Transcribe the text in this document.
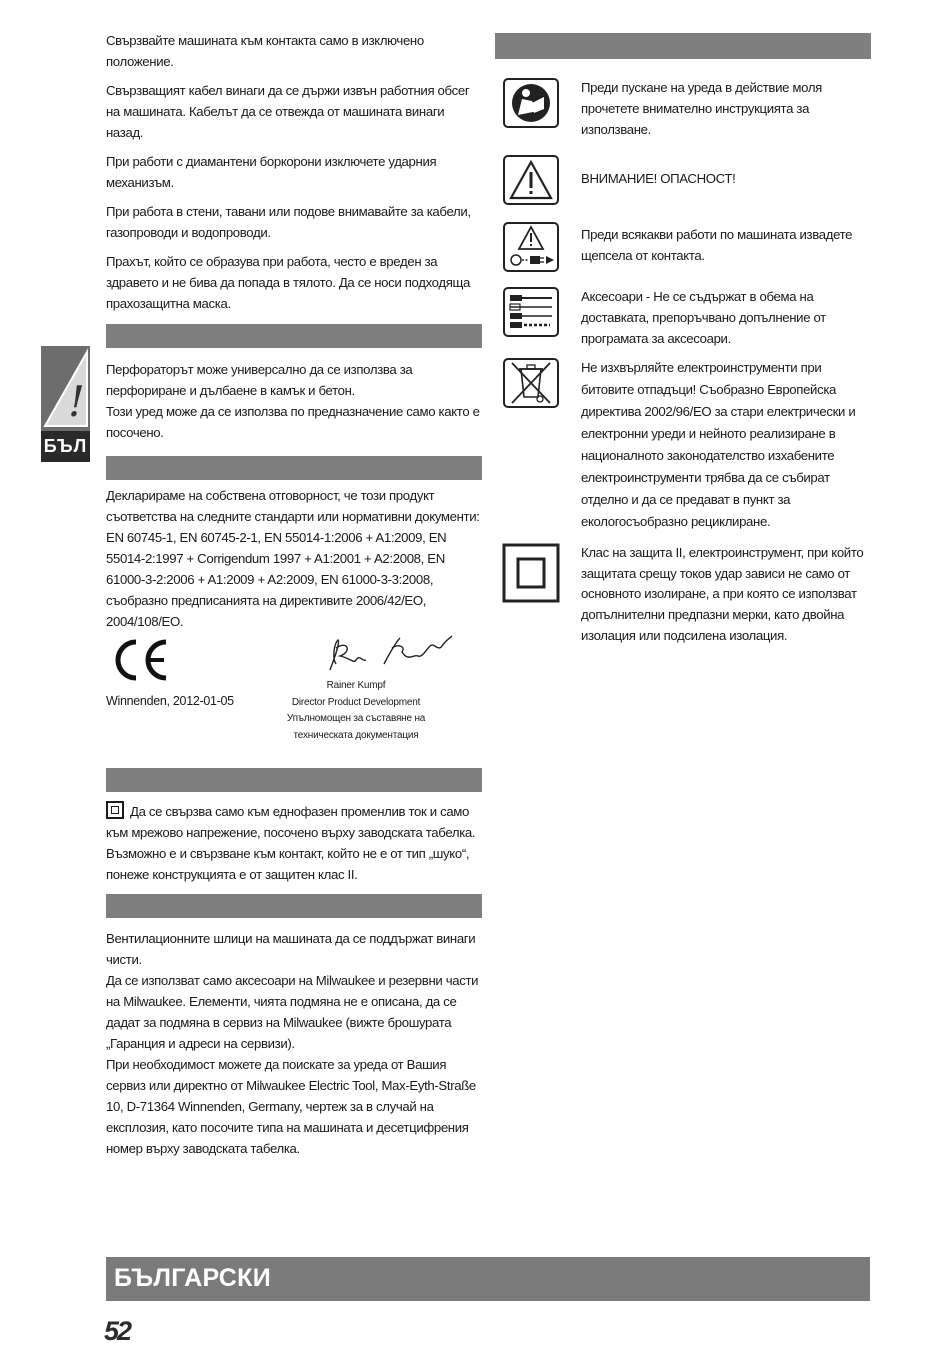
!
БЪЛ

Свързвайте машината към контакта само в изключено положение.

Свързващият кабел винаги да се държи извън работния обсег на машината. Кабелът да се отвежда от машината винаги назад.

При работи с диамантени боркорони изключете ударния механизъм.

При работа в стени, тавани или подове внимавайте за кабели, газопроводи и водопроводи.

Прахът, който се образува при работа, често е вреден за здравето и не бива да попада в тялото. Да се носи подходяща прахозащитна маска.

Перфораторът може универсално да се използва за перфориране и дълбаене в камък и бетон.

Този уред може да се използва по предназначение само както е посочено.

Декларираме на собствена отговорност, че този продукт съответства на следните стандарти или нормативни документи: EN 60745-1, EN 60745-2-1, EN 55014-1:2006 + A1:2009, EN 55014-2:1997 + Corrigendum 1997 + A1:2001 + A2:2008, EN 61000-3-2:2006 + A1:2009 + A2:2009, EN 61000-3-3:2008, съобразно предписанията на директивите 2006/42/EO, 2004/108/EO.

Winnenden, 2012-01-05
Rainer Kumpf
Director Product Development
Упълномощен за съставяне на техническата документация

Да се свързва само към еднофазен променлив ток и само към мрежово напрежение, посочено върху заводската табелка. Възможно е и свързване към контакт, който не е от тип „шуко“, понеже конструкцията е от защитен клас II.

Вентилационните шлици на машината да се поддържат винаги чисти.

Да се използват само аксесоари на Milwaukee и резервни части на Milwaukee. Елементи, чията подмяна не е описана, да се дадат за подмяна в сервиз на Milwaukee (вижте брошурата „Гаранция и адреси на сервизи).

При необходимост можете да поискате за уреда от Вашия сервиз или директно от Milwaukee Electric Tool, Max-Eyth-Straße 10, D-71364 Winnenden, Germany, чертеж за в случай на експлозия, като посочите типа на машината и десетцифрения номер върху заводската табелка.

Преди пускане на уреда в действие моля прочетете внимателно инструкцията за използване.

ВНИМАНИЕ! ОПАСНОСТ!

Преди всякакви работи по машината извадете щепсела от контакта.

Аксесоари - Не се съдържат в обема на доставката, препоръчвано допълнение от програмата за аксесоари.

Не изхвърляйте електроинструменти при битовите отпадъци! Съобразно Европейска директива 2002/96/ЕО за стари електрически и електронни уреди и нейното реализиране в националното законодателство изхабените електроинструменти трябва да се събират отделно и да се предават в пункт за екологосъобразно рециклиране.

Клас на защита II, електроинструмент, при който защитата срещу токов удар зависи не само от основното изолиране, а при която се използват допълнителни предпазни мерки, като двойна изолация или подсилена изолация.

БЪЛГАРСКИ
52
